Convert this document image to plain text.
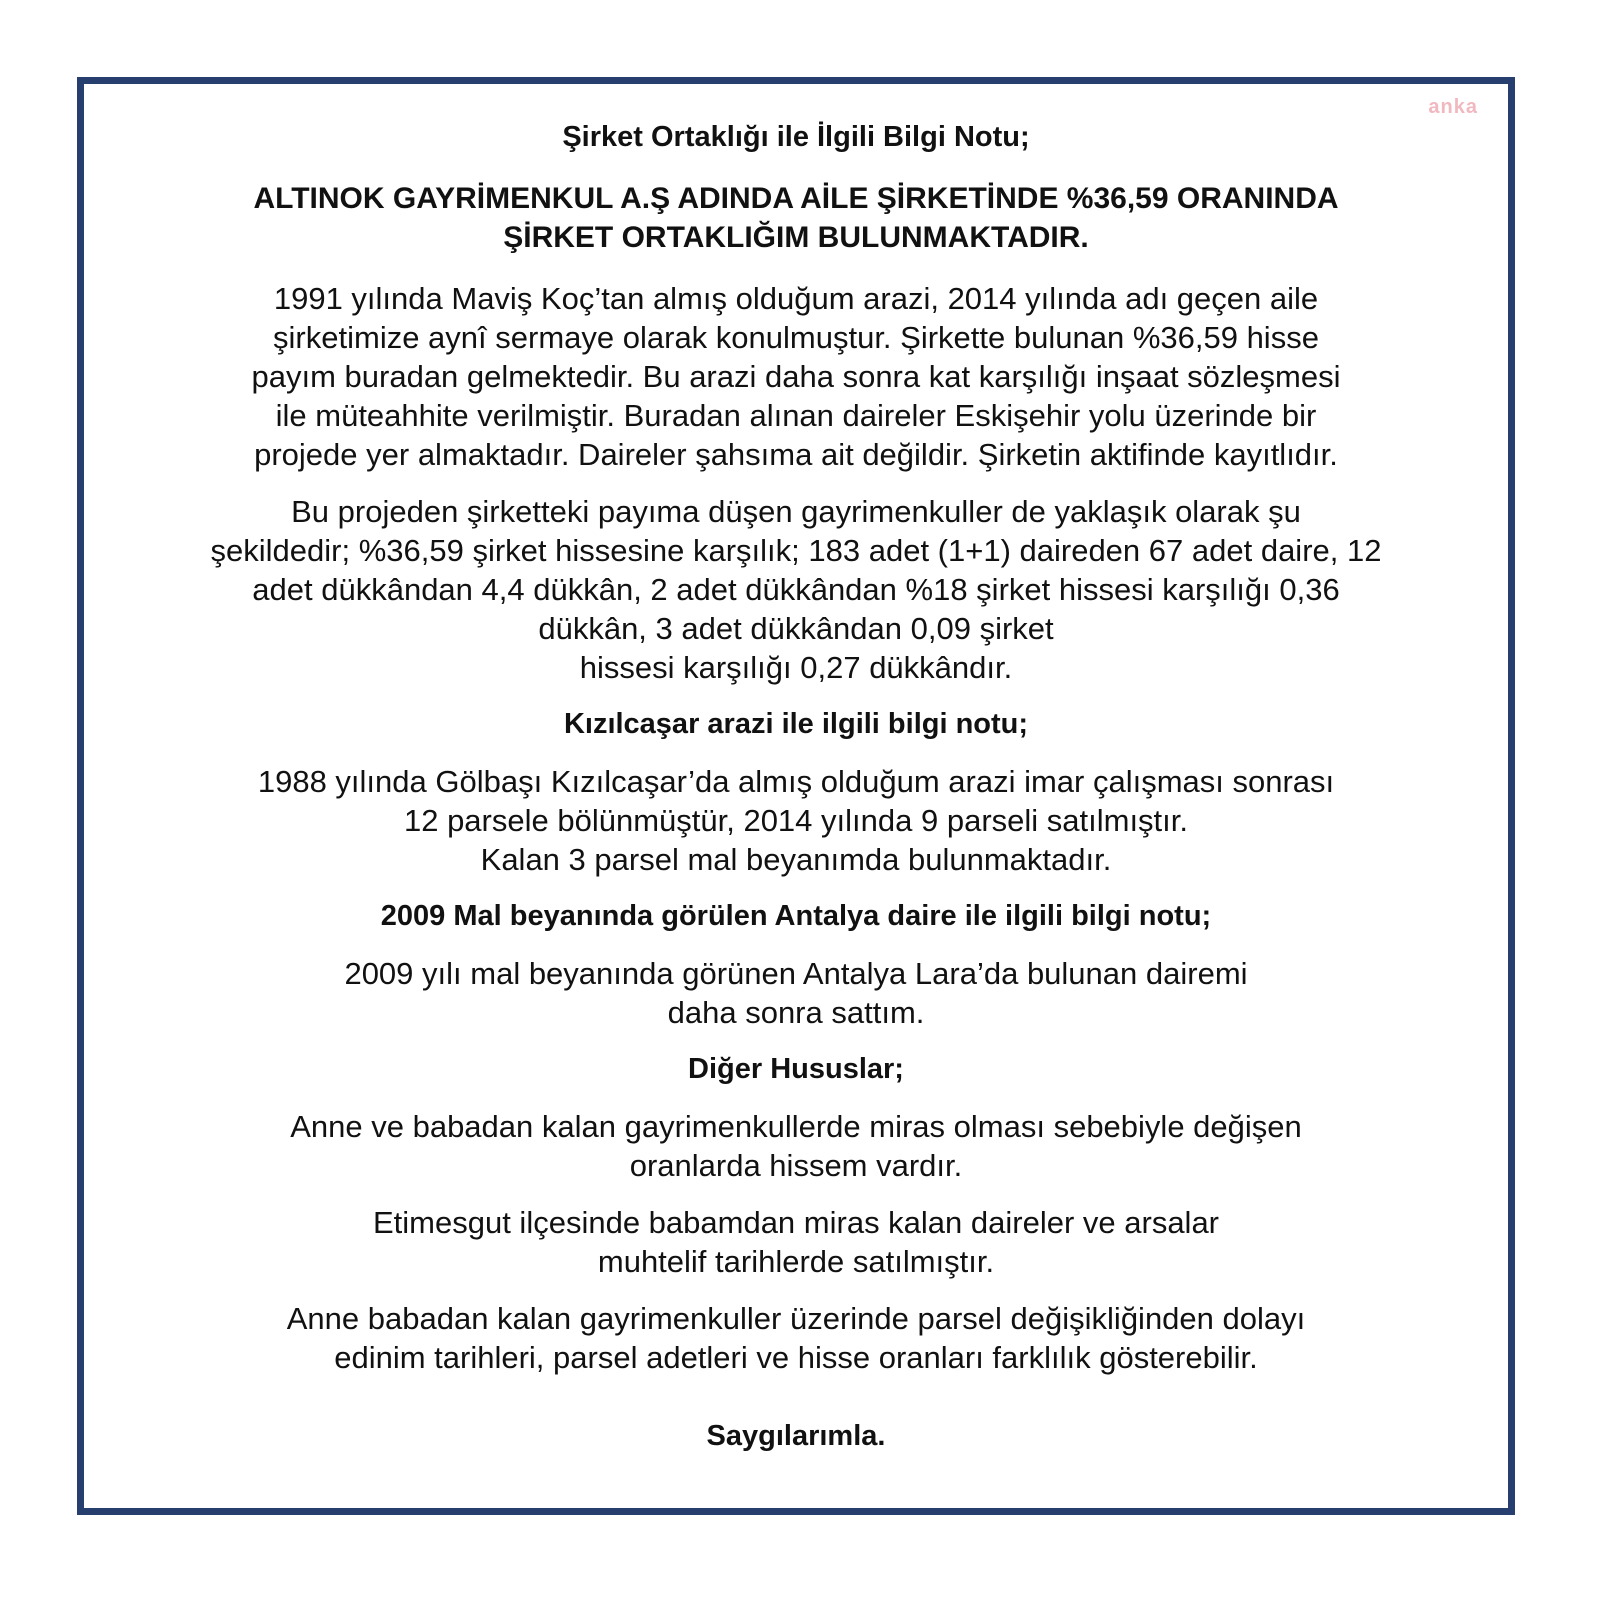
anka

Şirket Ortaklığı ile İlgili Bilgi Notu;

ALTINOK GAYRİMENKUL A.Ş ADINDA AİLE ŞİRKETİNDE %36,59 ORANINDA
ŞİRKET ORTAKLIĞIM BULUNMAKTADIR.

1991 yılında Maviş Koç’tan almış olduğum arazi, 2014 yılında adı geçen aile
şirketimize aynî sermaye olarak konulmuştur. Şirkette bulunan %36,59 hisse
payım buradan gelmektedir. Bu arazi daha sonra kat karşılığı inşaat sözleşmesi
ile müteahhite verilmiştir. Buradan alınan daireler Eskişehir yolu üzerinde bir
projede yer almaktadır. Daireler şahsıma ait değildir. Şirketin aktifinde kayıtlıdır.

Bu projeden şirketteki payıma düşen gayrimenkuller de yaklaşık olarak şu
şekildedir; %36,59 şirket hissesine karşılık; 183 adet (1+1) daireden 67 adet daire, 12
adet dükkândan 4,4 dükkân, 2 adet dükkândan %18 şirket hissesi karşılığı 0,36
dükkân, 3 adet dükkândan 0,09 şirket
hissesi karşılığı 0,27 dükkândır.

Kızılcaşar arazi ile ilgili bilgi notu;

1988 yılında Gölbaşı Kızılcaşar’da almış olduğum arazi imar çalışması sonrası
12 parsele bölünmüştür, 2014 yılında 9 parseli satılmıştır.
Kalan 3 parsel mal beyanımda bulunmaktadır.

2009 Mal beyanında görülen Antalya daire ile ilgili bilgi notu;

2009 yılı mal beyanında görünen Antalya Lara’da bulunan dairemi
daha sonra sattım.

Diğer Hususlar;

Anne ve babadan kalan gayrimenkullerde miras olması sebebiyle değişen
oranlarda hissem vardır.

Etimesgut ilçesinde babamdan miras kalan daireler ve arsalar
muhtelif tarihlerde satılmıştır.

Anne babadan kalan gayrimenkuller üzerinde parsel değişikliğinden dolayı
edinim tarihleri, parsel adetleri ve hisse oranları farklılık gösterebilir.

Saygılarımla.
